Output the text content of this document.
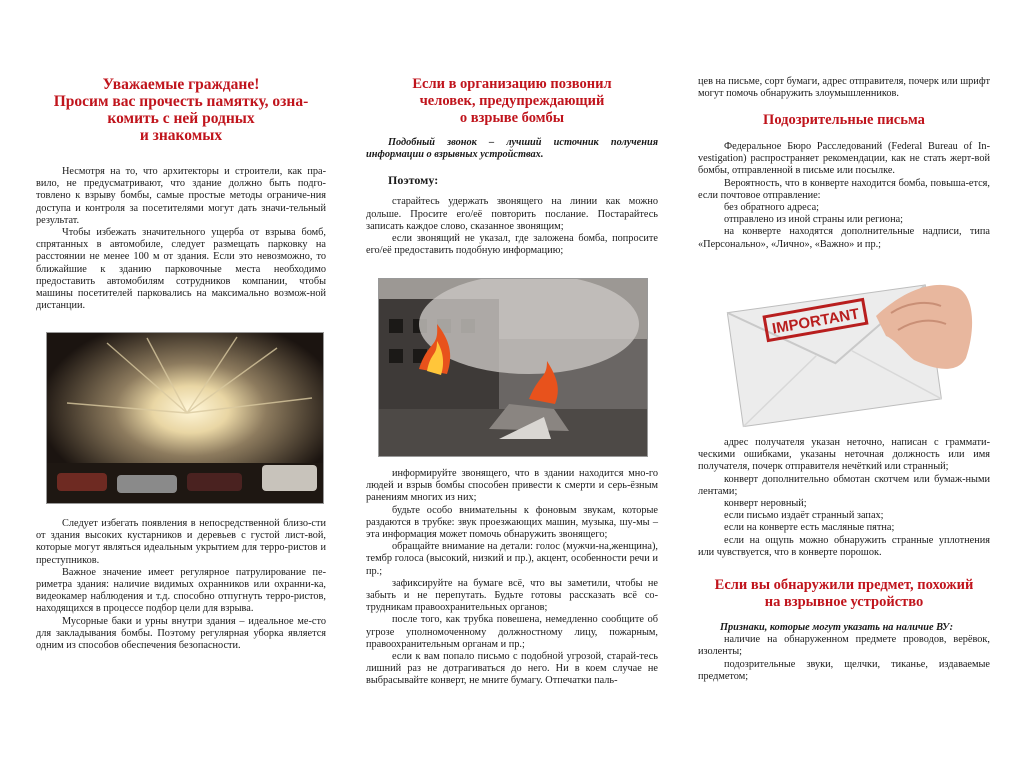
Уважаемые граждане!
Просим вас прочесть памятку, озна-
комить с ней родных
и знакомых

Несмотря на то, что архитекторы и строители, как пра-вило, не предусматривают, что здание должно быть подго-товлено к взрыву бомбы, самые простые методы ограниче-ния доступа и контроля за посетителями могут дать значи-тельный результат.

Чтобы избежать значительного ущерба от взрыва бомб, спрятанных в автомобиле, следует размещать парковку на расстоянии не менее 100 м от здания. Если это невозможно, то ближайшие к зданию парковочные места необходимо предоставить автомобилям сотрудников компании, чтобы машины посетителей парковались на максимально возмож-ной дистанции.

Следует избегать появления в непосредственной близо-сти от здания высоких кустарников и деревьев с густой лист-вой, которые могут являться идеальным укрытием для терро-ристов и преступников.

Важное значение имеет регулярное патрулирование пе-риметра здания: наличие видимых охранников или охранни-ка, видеокамер наблюдения и т.д. способно отпугнуть терро-ристов, находящихся в процессе подбор цели для взрыва.

Мусорные баки и урны внутри здания – идеальное ме-сто для закладывания бомбы. Поэтому регулярная уборка является одним из способов обеспечения безопасности.

Если в организацию позвонил
человек, предупреждающий
о взрыве бомбы

Подобный звонок – лучший источник получения информации о взрывных устройствах.

Поэтому:

старайтесь удержать звонящего на линии как можно дольше. Просите его/её повторить послание. Постарайтесь записать каждое слово, сказанное звонящим;

если звонящий не указал, где заложена бомба, попросите его/её предоставить подобную информацию;

информируйте звонящего, что в здании находится мно-го людей и взрыв бомбы способен привести к смерти и серь-ёзным ранениям многих из них;

будьте особо внимательны к фоновым звукам, которые раздаются в трубке: звук проезжающих машин, музыка, шу-мы – эта информация может помочь обнаружить звонящего;

обращайте внимание на детали: голос (мужчи-на,женщина), тембр голоса (высокий, низкий и пр.), акцент, особенности речи и пр.;

зафиксируйте на бумаге всё, что вы заметили, чтобы не забыть и не перепутать. Будьте готовы рассказать всё со-трудникам правоохранительных органов;

после того, как трубка повешена, немедленно сообщите об угрозе уполномоченному должностному лицу, пожарным, правоохранительным органам и пр.;

если к вам попало письмо с подобной угрозой, старай-тесь лишний раз не дотрагиваться до него. Ни в коем случае не выбрасывайте конверт, не мните бумагу. Отпечатки паль-

цев на письме, сорт бумаги, адрес отправителя, почерк или шрифт могут помочь обнаружить злоумышленников.

Подозрительные письма

Федеральное Бюро Расследований (Federal Bureau of In-vestigation) распространяет рекомендации, как не стать жерт-вой бомбы, отправленной в письме или посылке.

Вероятность, что в конверте находится бомба, повыша-ется, если почтовое отправление:

без обратного адреса;

отправлено из иной страны или региона;

на конверте находятся дополнительные надписи, типа «Персонально», «Лично», «Важно» и пр.;

IMPORTANT

адрес получателя указан неточно, написан с граммати-ческими ошибками, указаны неточная должность или имя получателя, почерк отправителя нечёткий или странный;

конверт дополнительно обмотан скотчем или бумаж-ными лентами;

конверт неровный;

если письмо издаёт странный запах;

если на конверте есть масляные пятна;

если на ощупь можно обнаружить странные уплотнения или чувствуется, что в конверте порошок.

Если вы обнаружили предмет, похожий
на взрывное устройство

Признаки, которые могут указать на наличие ВУ:

наличие на обнаруженном предмете проводов, верёвок, изоленты;

подозрительные звуки, щелчки, тиканье, издаваемые предметом;
